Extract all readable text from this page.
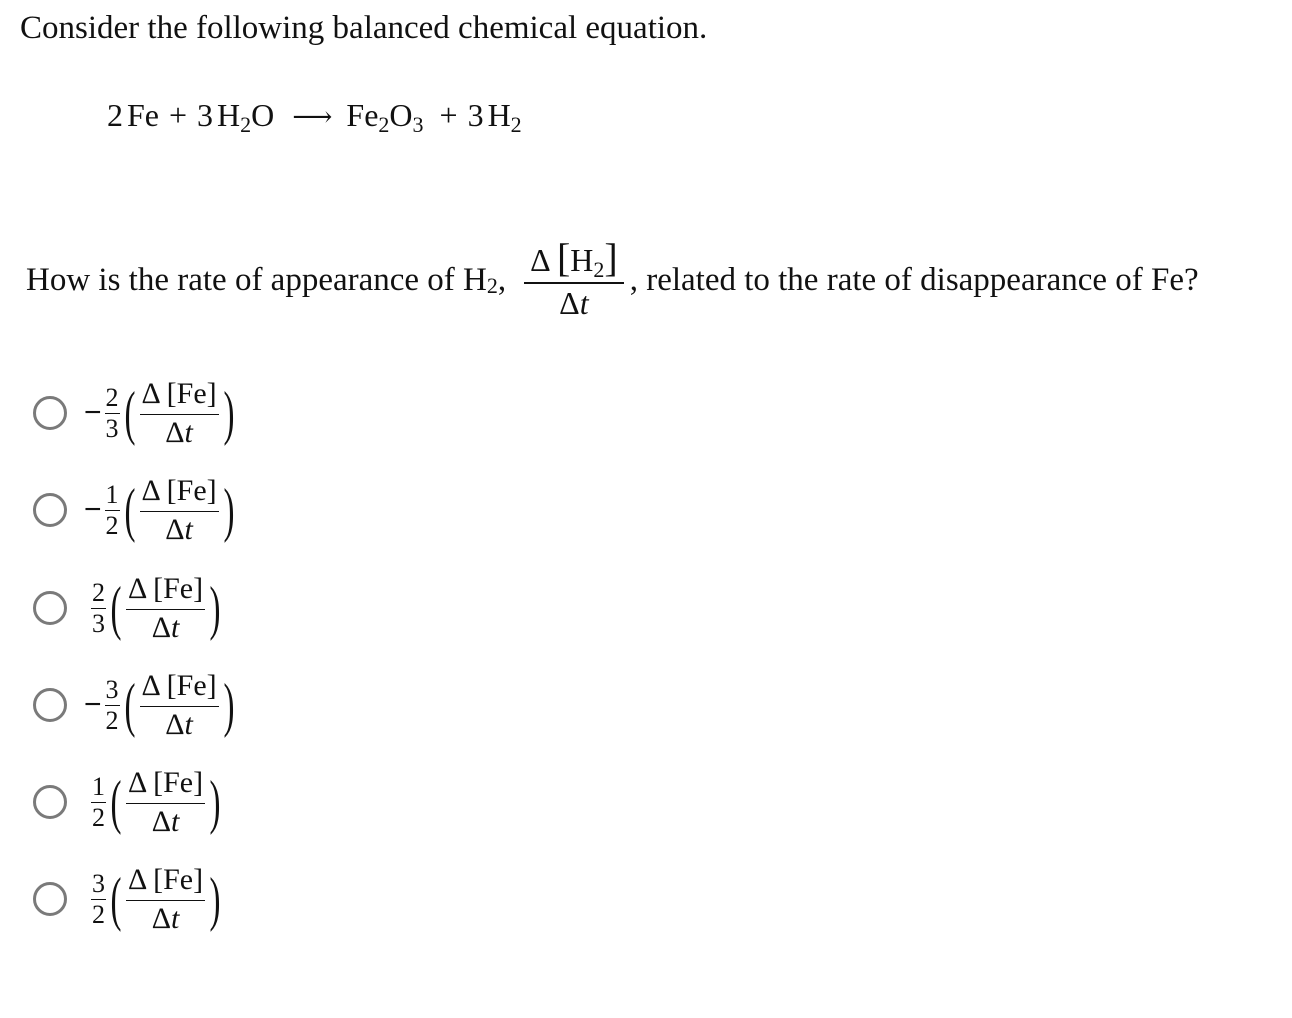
Consider the following balanced chemical equation.
2 Fe + 3 $H_2$ O ⟶ $Fe_2$ $O_3 + 3$ $H_2$
How is the rate of appearance of $H_2$ , $\frac{\Delta [H_2]}{\Delta t}$ , related to the rate of disappearance of Fe?
− $\frac{2}{3}$ ( $\frac{\Delta [Fe]}{\Delta t}$ )
− $\frac{1}{2}$ ( $\frac{\Delta [Fe]}{\Delta t}$ )
$\frac{2}{3}$ ( $\frac{\Delta [Fe]}{\Delta t}$ )
− $\frac{3}{2}$ ( $\frac{\Delta [Fe]}{\Delta t}$ )
$\frac{1}{2}$ ( $\frac{\Delta [Fe]}{\Delta t}$ )
$\frac{3}{2}$ ( $\frac{\Delta [Fe]}{\Delta t}$ )
